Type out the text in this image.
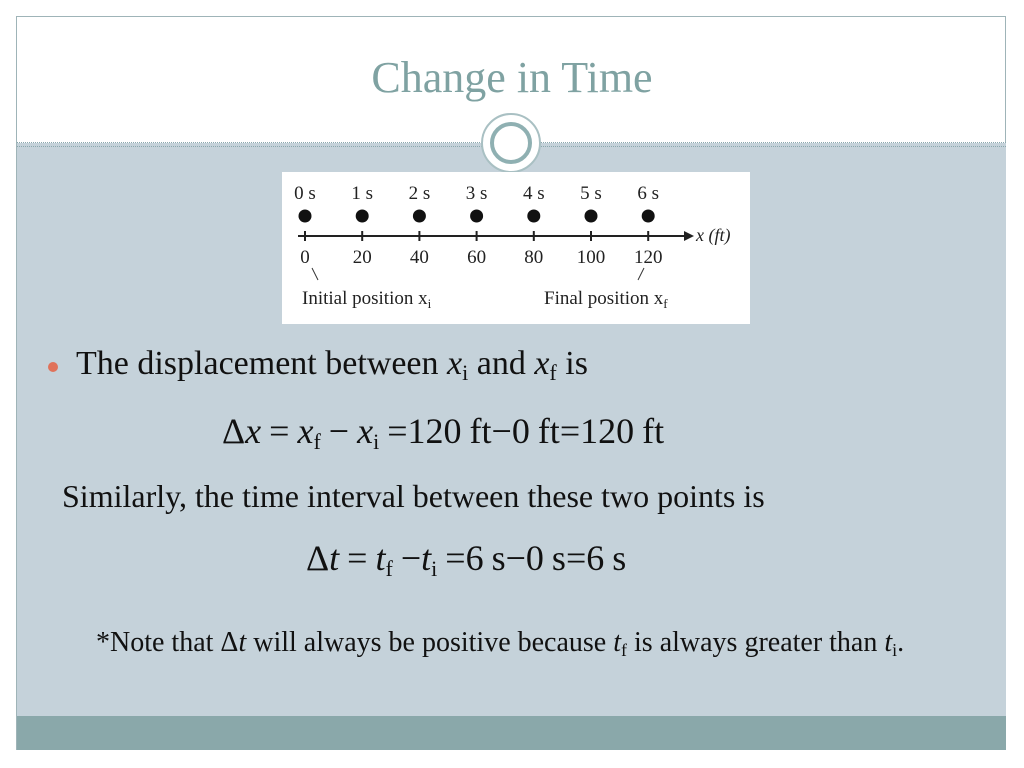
Change in Time
0 s 1 s 2 s 3 s 4 s 5 s 6 s
x (ft)
0 20 40 60 80 100 120
Initial position $x_i$	Final position $x_f$
The displacement between $x_i$ and $x_f$ is
$\Delta x = x_f - x_i =120$ ft−0 ft=120 ft
Similarly, the time interval between these two points is
$\Delta t = t_f -t_i =6$ s−0 s=6 s
*Note that Δt will always be positive because $t_f$ is always greater than $t_i$.
